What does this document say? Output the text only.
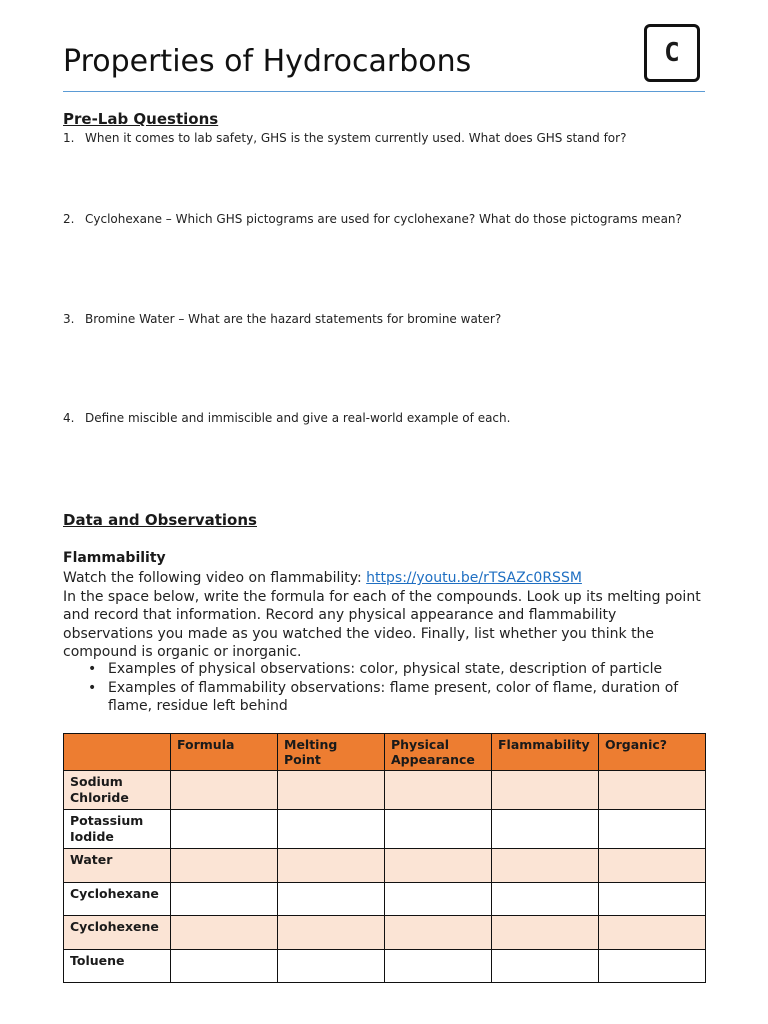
Properties of Hydrocarbons	C
Pre-Lab Questions
1. When it comes to lab safety, GHS is the system currently used. What does GHS stand for?
2. Cyclohexane – Which GHS pictograms are used for cyclohexane? What do those pictograms mean?
3. Bromine Water – What are the hazard statements for bromine water?
4. Define miscible and immiscible and give a real-world example of each.
Data and Observations
Flammability
Watch the following video on flammability: https://youtu.be/rTSAZc0RSSM
In the space below, write the formula for each of the compounds. Look up its melting point and record that information. Record any physical appearance and flammability observations you made as you watched the video. Finally, list whether you think the compound is organic or inorganic.
• Examples of physical observations: color, physical state, description of particle
• Examples of flammability observations: flame present, color of flame, duration of flame, residue left behind
	Formula	Melting Point	Physical Appearance	Flammability	Organic?
Sodium Chloride					
Potassium Iodide					
Water					
Cyclohexane					
Cyclohexene					
Toluene					
